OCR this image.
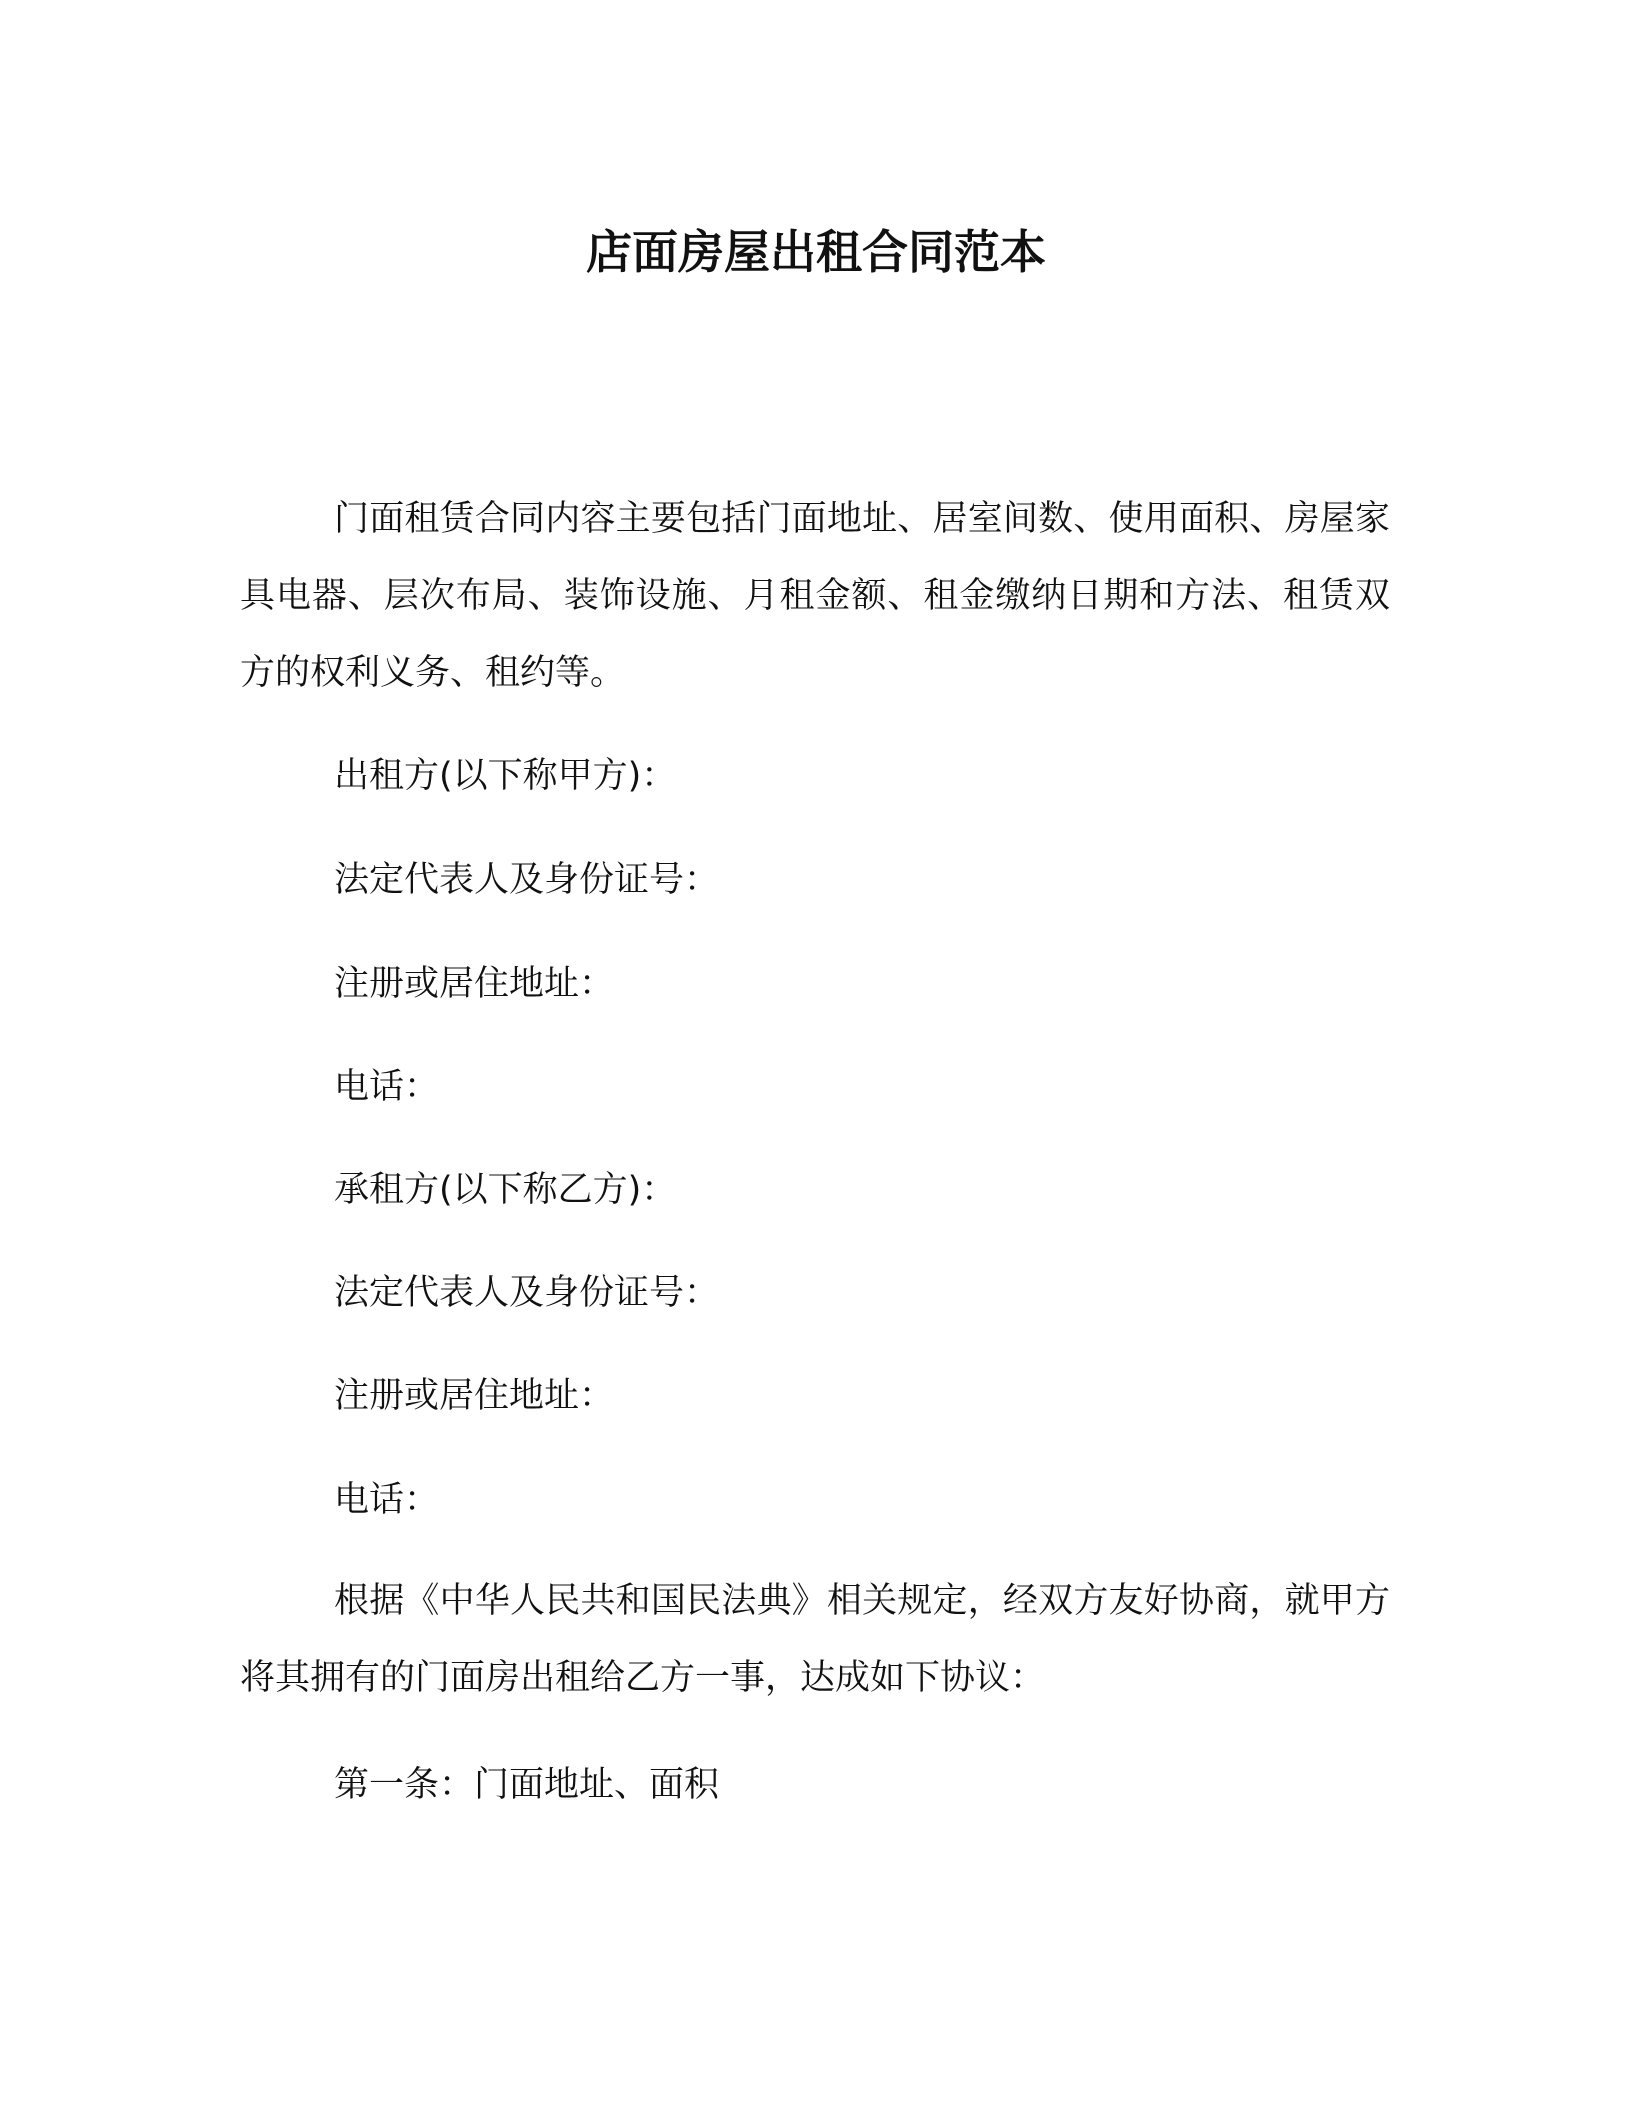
店面房屋出租合同范本

门面租赁合同内容主要包括门面地址、居室间数、使用面积、房屋家具电器、层次布局、装饰设施、月租金额、租金缴纳日期和方法、租赁双方的权利义务、租约等。

出租方(以下称甲方)：

法定代表人及身份证号：

注册或居住地址：

电话：

承租方(以下称乙方)：

法定代表人及身份证号：

注册或居住地址：

电话：

根据《中华人民共和国民法典》相关规定，经双方友好协商，就甲方将其拥有的门面房出租给乙方一事，达成如下协议：

第一条：门面地址、面积
